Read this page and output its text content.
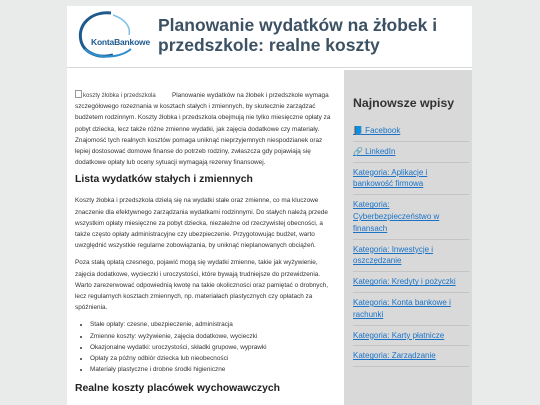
KontaBankowe
Planowanie wydatków na żłobek i przedszkole: realne koszty

koszty żłobka i przedszkola	Planowanie wydatków na żłobek i przedszkole wymaga szczegółowego rozeznania w kosztach stałych i zmiennych, by skutecznie zarządzać budżetem rodzinnym. Koszty żłobka i przedszkola obejmują nie tylko miesięczne opłaty za pobyt dziecka, lecz także różne zmienne wydatki, jak zajęcia dodatkowe czy materiały. Znajomość tych realnych kosztów pomaga uniknąć nieprzyjemnych niespodzianek oraz lepiej dostosować domowe finanse do potrzeb rodziny, zwłaszcza gdy pojawiają się dodatkowe opłaty lub oceny sytuacji wymagają rezerwy finansowej.

Lista wydatków stałych i zmiennych

Koszty żłobka i przedszkola dzielą się na wydatki stałe oraz zmienne, co ma kluczowe znaczenie dla efektywnego zarządzania wydatkami rodzinnymi. Do stałych należą przede wszystkim opłaty miesięczne za pobyt dziecka, niezależne od rzeczywistej obecności, a także często opłaty administracyjne czy ubezpieczenie. Przygotowując budżet, warto uwzględnić wszystkie regularne zobowiązania, by uniknąć nieplanowanych obciążeń.

Poza stałą opłatą czesnego, pojawić mogą się wydatki zmienne, takie jak wyżywienie, zajęcia dodatkowe, wycieczki i uroczystości, które bywają trudniejsze do przewidzenia. Warto zarezerwować odpowiednią kwotę na takie okoliczności oraz pamiętać o drobnych, lecz regularnych kosztach zmiennych, np. materiałach plastycznych czy opłatach za spóźnienia.

• Stałe opłaty: czesne, ubezpieczenie, administracja
• Zmienne koszty: wyżywienie, zajęcia dodatkowe, wycieczki
• Okazjonalne wydatki: uroczystości, składki grupowe, wyprawki
• Opłaty za późny odbiór dziecka lub nieobecności
• Materiały plastyczne i drobne środki higieniczne
Realne koszty placówek wychowawczych
Najnowsze wpisy
📘 Facebook
🔗 LinkedIn
Kategoria: Aplikacje i bankowość firmowa
Kategoria: Cyberbezpieczeństwo w finansach
Kategoria: Inwestycje i oszczędzanie
Kategoria: Kredyty i pożyczki
Kategoria: Konta bankowe i rachunki
Kategoria: Karty płatnicze
Kategoria: Zarządzanie
